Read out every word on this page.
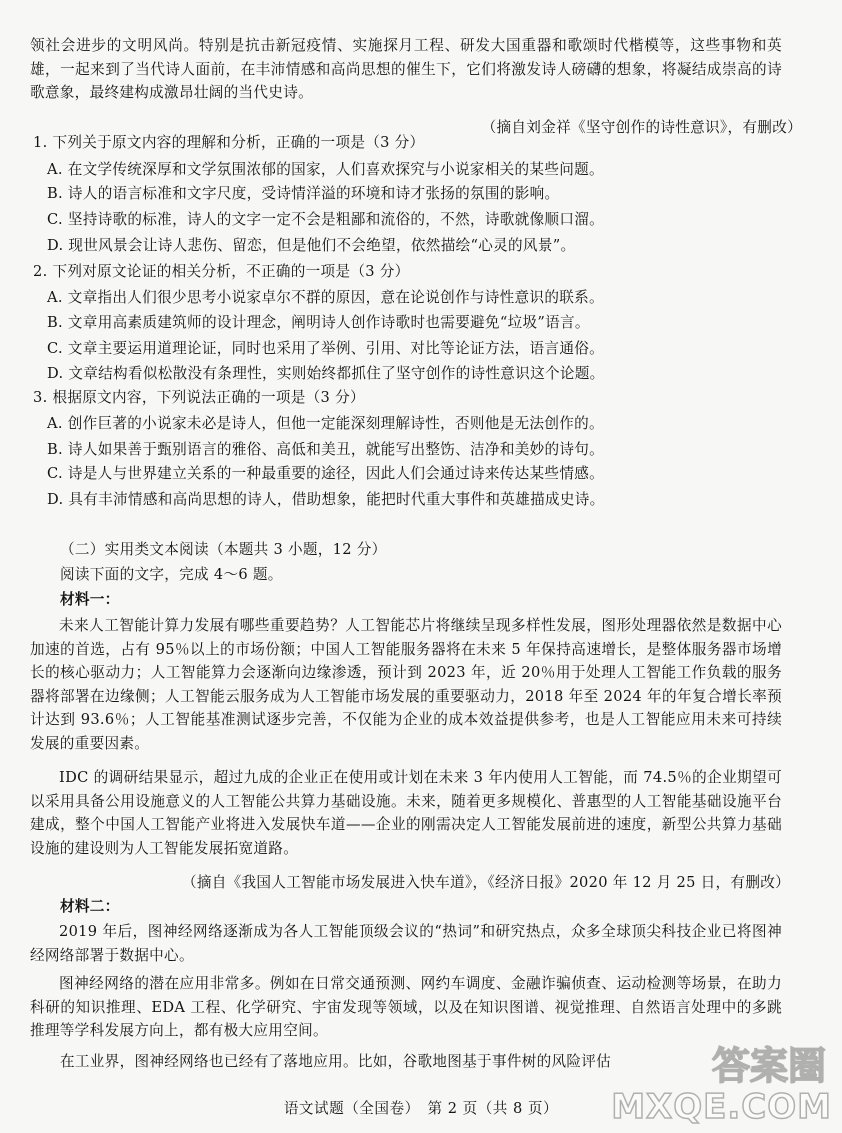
领社会进步的文明风尚。特别是抗击新冠疫情、实施探月工程、研发大国重器和歌颂时代楷模等，这些事物和英雄，一起来到了当代诗人面前，在丰沛情感和高尚思想的催生下，它们将激发诗人磅礴的想象，将凝结成崇高的诗歌意象，最终建构成激昂壮阔的当代史诗。

（摘自刘金祥《坚守创作的诗性意识》，有删改）
1. 下列关于原文内容的理解和分析，正确的一项是（3 分）
A. 在文学传统深厚和文学氛围浓郁的国家，人们喜欢探究与小说家相关的某些问题。
B. 诗人的语言标准和文字尺度，受诗情洋溢的环境和诗才张扬的氛围的影响。
C. 坚持诗歌的标准，诗人的文字一定不会是粗鄙和流俗的，不然，诗歌就像顺口溜。
D. 现世风景会让诗人悲伤、留恋，但是他们不会绝望，依然描绘“心灵的风景”。
2. 下列对原文论证的相关分析，不正确的一项是（3 分）
A. 文章指出人们很少思考小说家卓尔不群的原因，意在论说创作与诗性意识的联系。
B. 文章用高素质建筑师的设计理念，阐明诗人创作诗歌时也需要避免“垃圾”语言。
C. 文章主要运用道理论证，同时也采用了举例、引用、对比等论证方法，语言通俗。
D. 文章结构看似松散没有条理性，实则始终都抓住了坚守创作的诗性意识这个论题。
3. 根据原文内容，下列说法正确的一项是（3 分）
A. 创作巨著的小说家未必是诗人，但他一定能深刻理解诗性，否则他是无法创作的。
B. 诗人如果善于甄别语言的雅俗、高低和美丑，就能写出整饬、洁净和美妙的诗句。
C. 诗是人与世界建立关系的一种最重要的途径，因此人们会通过诗来传达某些情感。
D. 具有丰沛情感和高尚思想的诗人，借助想象，能把时代重大事件和英雄描成史诗。
（二）实用类文本阅读（本题共 3 小题，12 分）
阅读下面的文字，完成 4～6 题。
材料一：

未来人工智能计算力发展有哪些重要趋势？人工智能芯片将继续呈现多样性发展，图形处理器依然是数据中心加速的首选，占有 95％以上的市场份额；中国人工智能服务器将在未来 5 年保持高速增长，是整体服务器市场增长的核心驱动力；人工智能算力会逐渐向边缘渗透，预计到 2023 年，近 20％用于处理人工智能工作负载的服务器将部署在边缘侧；人工智能云服务成为人工智能市场发展的重要驱动力，2018 年至 2024 年的年复合增长率预计达到 93.6％；人工智能基准测试逐步完善，不仅能为企业的成本效益提供参考，也是人工智能应用未来可持续发展的重要因素。

IDC 的调研结果显示，超过九成的企业正在使用或计划在未来 3 年内使用人工智能，而 74.5％的企业期望可以采用具备公用设施意义的人工智能公共算力基础设施。未来，随着更多规模化、普惠型的人工智能基础设施平台建成，整个中国人工智能产业将进入发展快车道——企业的刚需决定人工智能发展前进的速度，新型公共算力基础设施的建设则为人工智能发展拓宽道路。

（摘自《我国人工智能市场发展进入快车道》，《经济日报》2020 年 12 月 25 日，有删改）
材料二：

2019 年后，图神经网络逐渐成为各人工智能顶级会议的“热词”和研究热点，众多全球顶尖科技企业已将图神经网络部署于数据中心。

图神经网络的潜在应用非常多。例如在日常交通预测、网约车调度、金融诈骗侦查、运动检测等场景，在助力科研的知识推理、EDA 工程、化学研究、宇宙发现等领域，以及在知识图谱、视觉推理、自然语言处理中的多跳推理等学科发展方向上，都有极大应用空间。

在工业界，图神经网络也已经有了落地应用。比如，谷歌地图基于事件树的风险评估
语文试题（全国卷）　第 2 页（共 8 页）
答案圈
MXQE.COM
